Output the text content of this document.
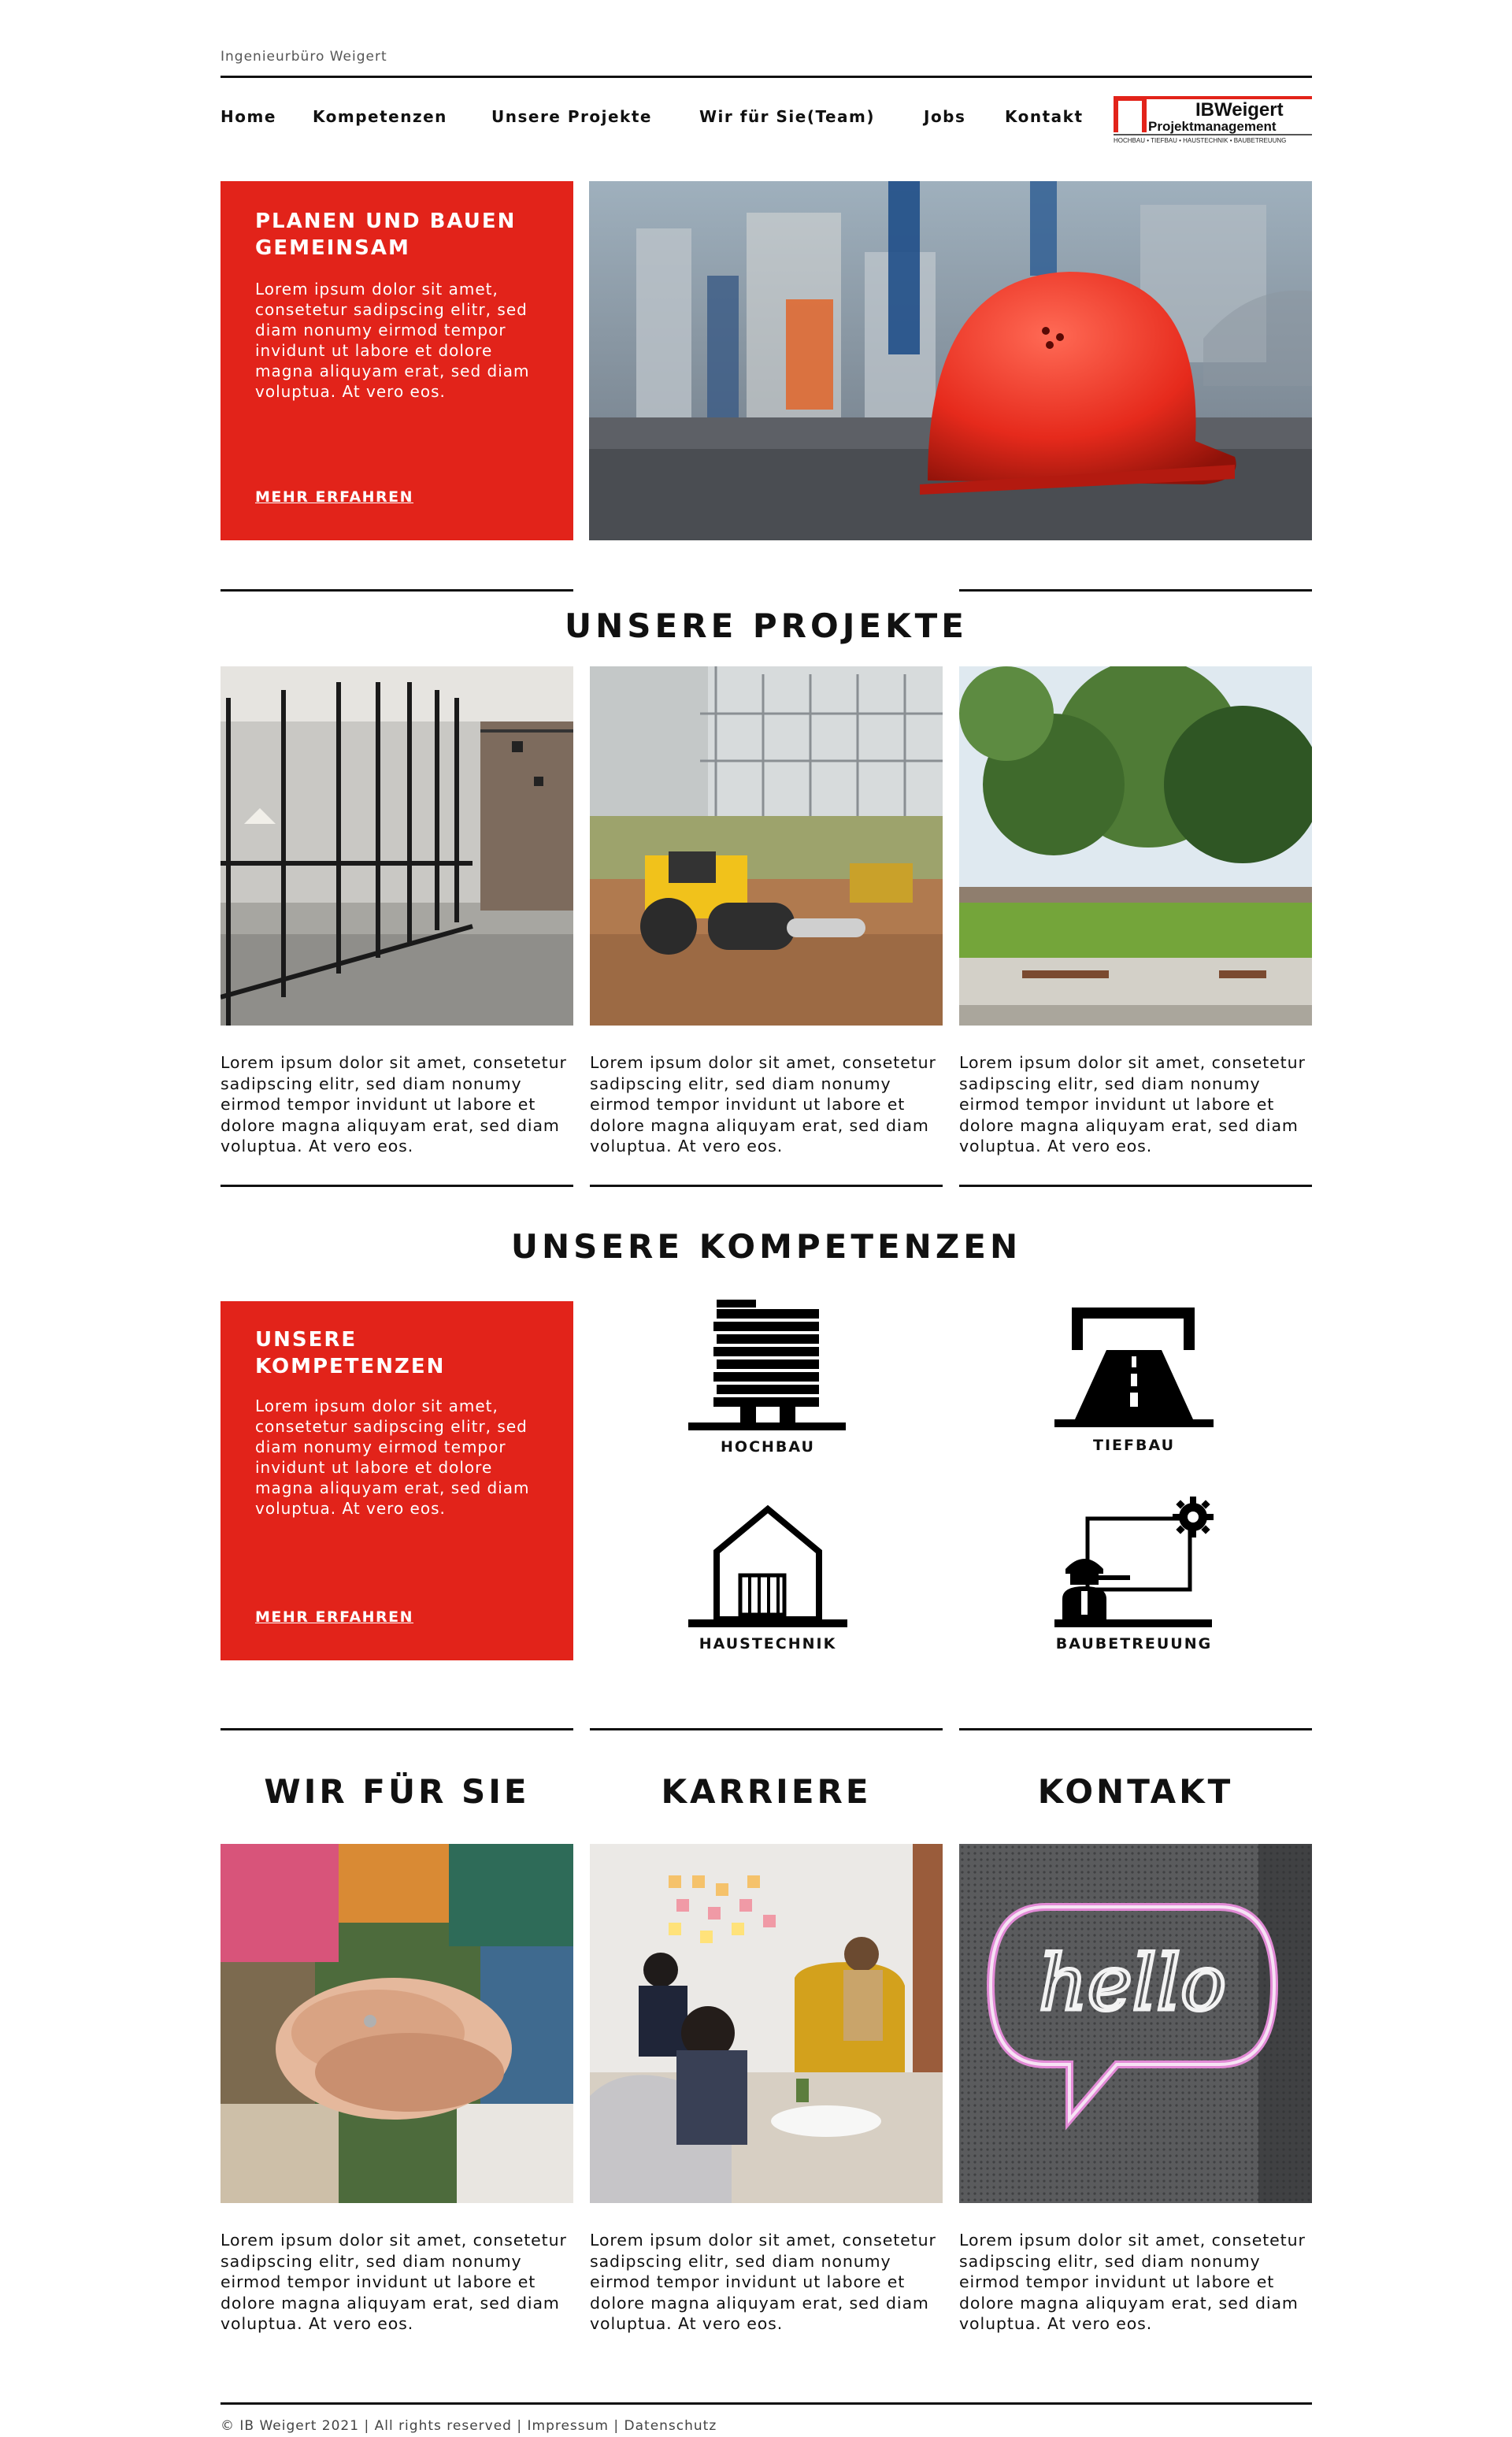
Ingenieurbüro Weigert
Home Kompetenzen	Unsere Projekte	Wir für Sie(Team)	Jobs Kontakt	IBWeigert
Projektmanagement
HOCHBAU • TIEFBAU • HAUSTECHNIK • BAUBETREUUNG
PLANEN UND BAUEN GEMEINSAM
Lorem ipsum dolor sit amet, consetetur sadipscing elitr, sed diam nonumy eirmod tempor invidunt ut labore et dolore magna aliquyam erat, sed diam voluptua. At vero eos.
MEHR ERFAHREN
UNSERE PROJEKTE
Lorem ipsum dolor sit amet, consetetur sadipscing elitr, sed diam nonumy eirmod tempor invidunt ut labore et dolore magna aliquyam erat, sed diam voluptua. At vero eos.
Lorem ipsum dolor sit amet, consetetur sadipscing elitr, sed diam nonumy eirmod tempor invidunt ut labore et dolore magna aliquyam erat, sed diam voluptua. At vero eos.
Lorem ipsum dolor sit amet, consetetur sadipscing elitr, sed diam nonumy eirmod tempor invidunt ut labore et dolore magna aliquyam erat, sed diam voluptua. At vero eos.
UNSERE KOMPETENZEN
UNSERE KOMPETENZEN
Lorem ipsum dolor sit amet, consetetur sadipscing elitr, sed diam nonumy eirmod tempor invidunt ut labore et dolore magna aliquyam erat, sed diam voluptua. At vero eos.
MEHR ERFAHREN
HOCHBAU	TIEFBAU
HAUSTECHNIK	BAUBETREUUNG
WIR FÜR SIE	KARRIERE	KONTAKT
hello
Lorem ipsum dolor sit amet, consetetur sadipscing elitr, sed diam nonumy eirmod tempor invidunt ut labore et dolore magna aliquyam erat, sed diam voluptua. At vero eos.
Lorem ipsum dolor sit amet, consetetur sadipscing elitr, sed diam nonumy eirmod tempor invidunt ut labore et dolore magna aliquyam erat, sed diam voluptua. At vero eos.
Lorem ipsum dolor sit amet, consetetur sadipscing elitr, sed diam nonumy eirmod tempor invidunt ut labore et dolore magna aliquyam erat, sed diam voluptua. At vero eos.
© IB Weigert 2021 | All rights reserved | Impressum | Datenschutz
